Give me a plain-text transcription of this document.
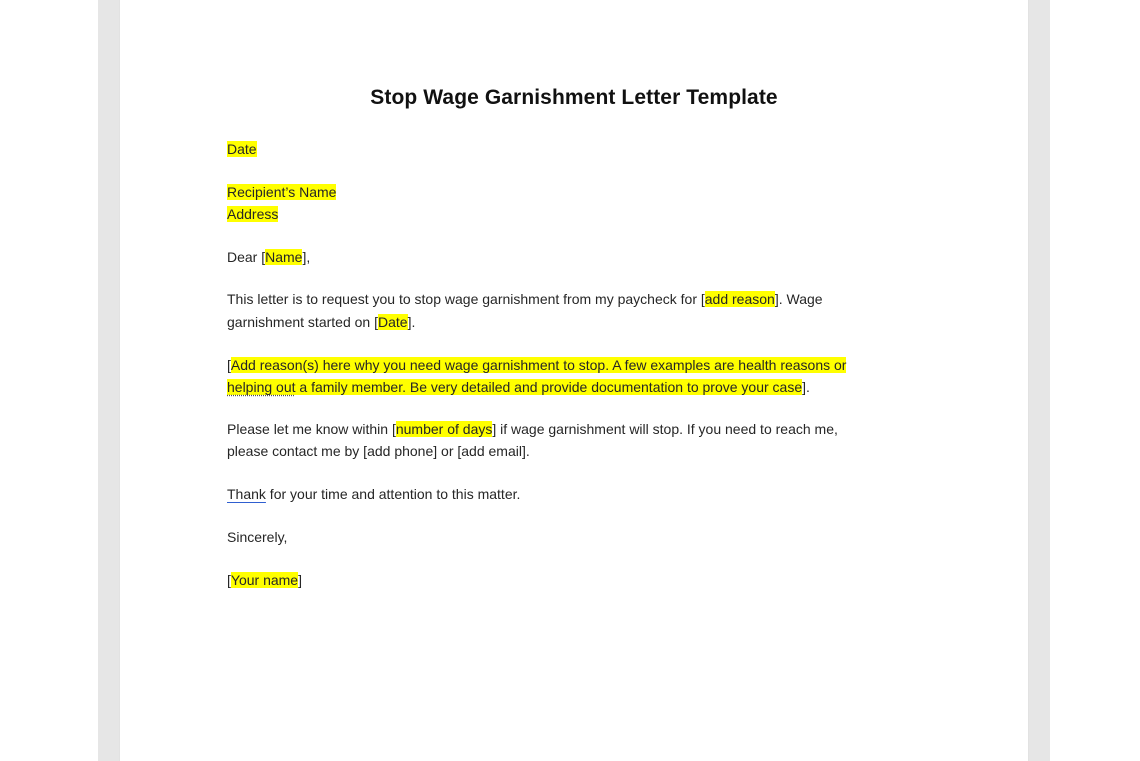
Stop Wage Garnishment Letter Template
Date
Recipient’s Name
Address
Dear [Name],
This letter is to request you to stop wage garnishment from my paycheck for [add reason]. Wage
garnishment started on [Date].
[Add reason(s) here why you need wage garnishment to stop. A few examples are health reasons or
helping out a family member. Be very detailed and provide documentation to prove your case].
Please let me know within [number of days] if wage garnishment will stop. If you need to reach me,
please contact me by [add phone] or [add email].
Thank for your time and attention to this matter.
Sincerely,
[Your name]
